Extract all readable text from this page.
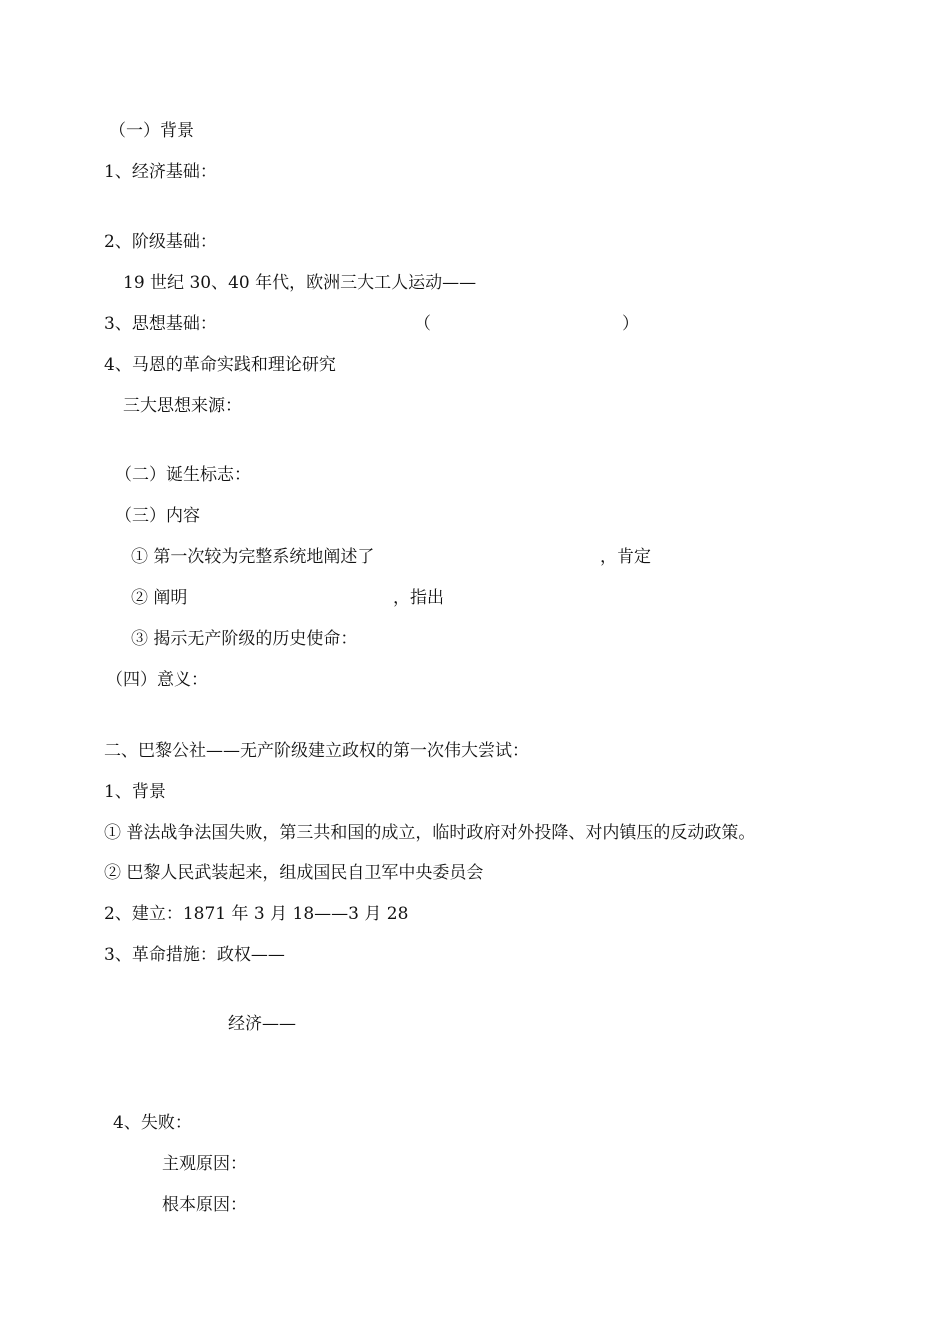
（一）背景
1、经济基础：
2、阶级基础：
19 世纪 30、40 年代，欧洲三大工人运动——
3、思想基础：	（	）
4、马恩的革命实践和理论研究
三大思想来源：
（二）诞生标志：
（三）内容
① 第一次较为完整系统地阐述了	，肯定
② 阐明	，指出
③ 揭示无产阶级的历史使命：
（四）意义：
二、巴黎公社——无产阶级建立政权的第一次伟大尝试：
1、背景
① 普法战争法国失败，第三共和国的成立，临时政府对外投降、对内镇压的反动政策。
② 巴黎人民武装起来，组成国民自卫军中央委员会
2、建立：1871 年 3 月 18——3 月 28
3、革命措施：政权——
经济——
4、失败：
主观原因：
根本原因：
